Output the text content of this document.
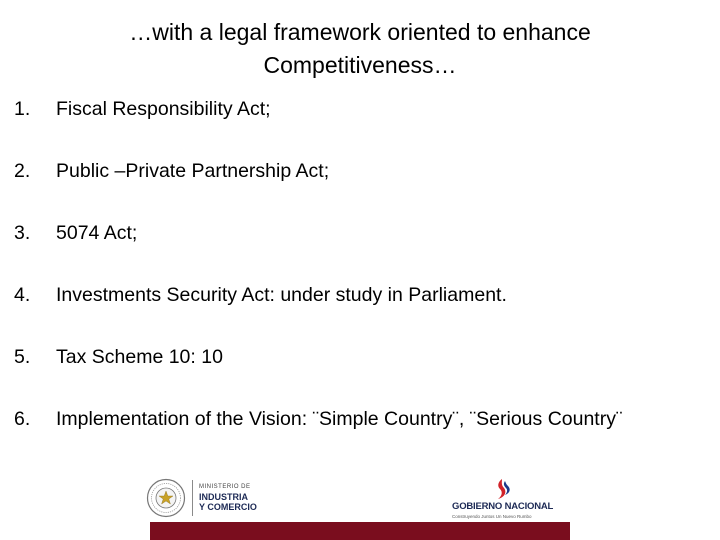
…with a legal framework oriented to enhance
Competitiveness…
1.	Fiscal Responsibility Act;
2.	Public –Private Partnership Act;
3.	5074 Act;
4.	Investments Security Act: under study in Parliament.
5.	Tax Scheme 10: 10
6.	Implementation of the Vision: ¨Simple Country¨, ¨Serious Country¨
MINISTERIO DE
INDUSTRIA
Y COMERCIO	GOBIERNO NACIONAL
Construyendo Juntos Un Nuevo Rumbo
